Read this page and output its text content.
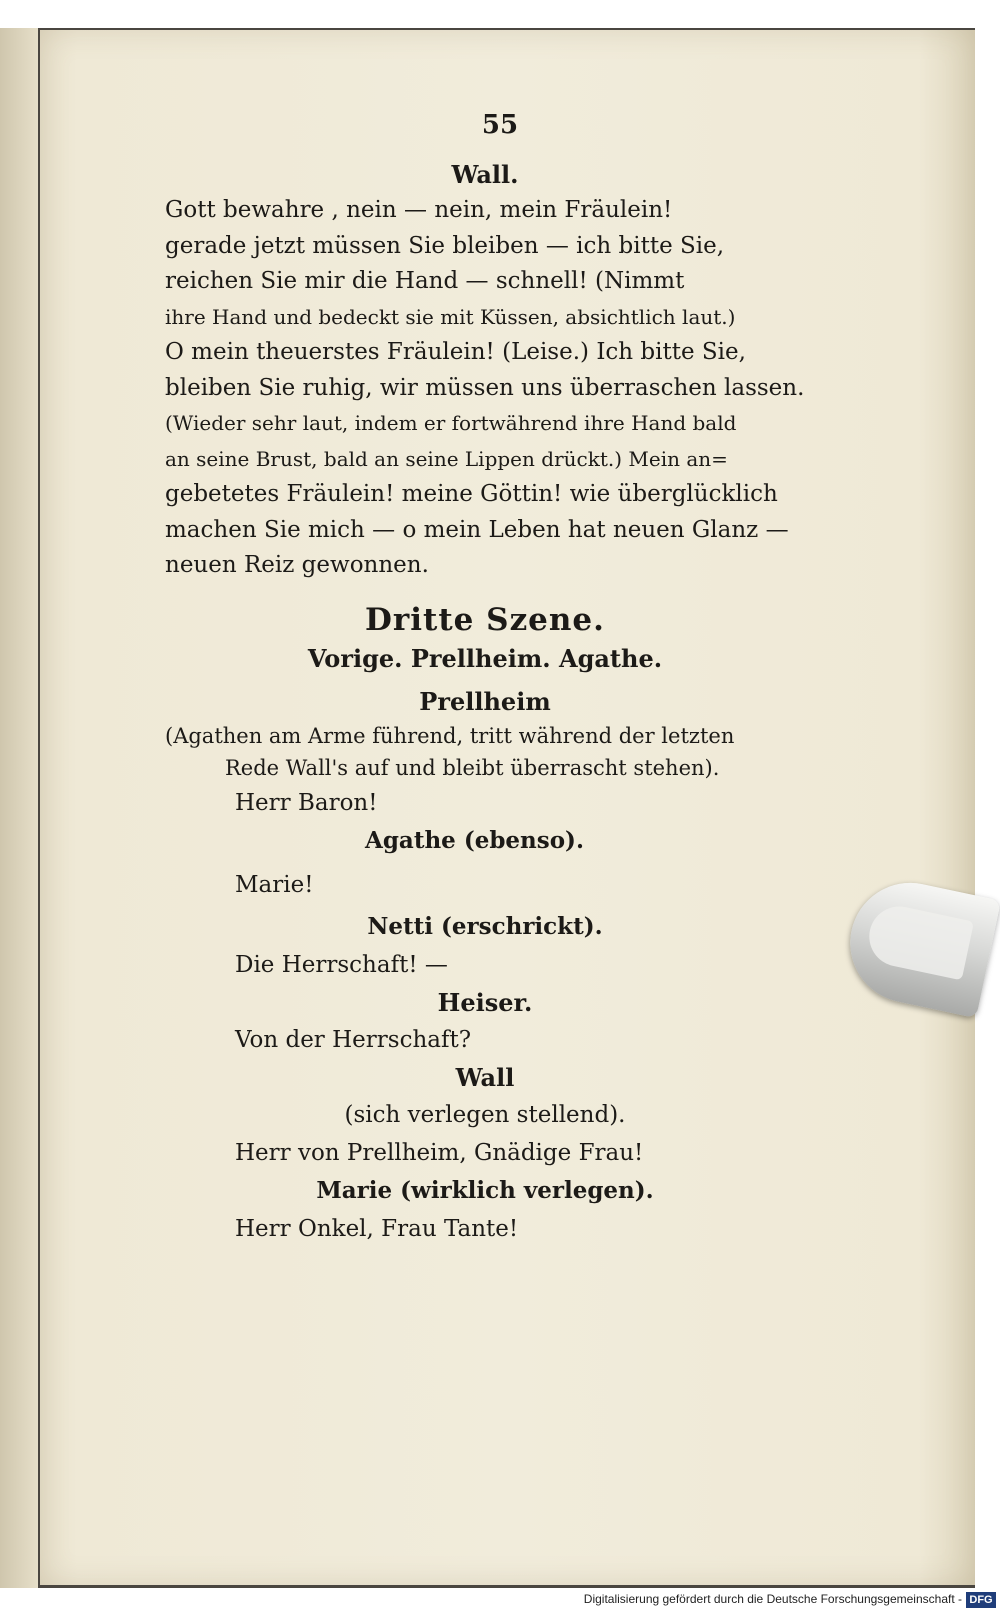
55
Wall.
Gott bewahre , nein — nein, mein Fräulein!
gerade jetzt müssen Sie bleiben — ich bitte Sie,
reichen Sie mir die Hand — schnell! (Nimmt
ihre Hand und bedeckt sie mit Küssen, absichtlich laut.)
O mein theuerstes Fräulein! (Leise.) Ich bitte Sie,
bleiben Sie ruhig, wir müssen uns überraschen lassen.
(Wieder sehr laut, indem er fortwährend ihre Hand bald
an seine Brust, bald an seine Lippen drückt.) Mein an=
gebetetes Fräulein! meine Göttin! wie überglücklich
machen Sie mich — o mein Leben hat neuen Glanz —
neuen Reiz gewonnen.
Dritte Szene.
Vorige. Prellheim. Agathe.
Prellheim
(Agathen am Arme führend, tritt während der letzten
Rede Wall's auf und bleibt überrascht stehen).
Herr Baron!
Agathe (ebenso).
Marie!
Netti (erschrickt).
Die Herrschaft! —
Heiser.
Von der Herrschaft?
Wall
(sich verlegen stellend).
Herr von Prellheim, Gnädige Frau!
Marie (wirklich verlegen).
Herr Onkel, Frau Tante!
Digitalisierung gefördert durch die Deutsche Forschungsgemeinschaft - DFG
